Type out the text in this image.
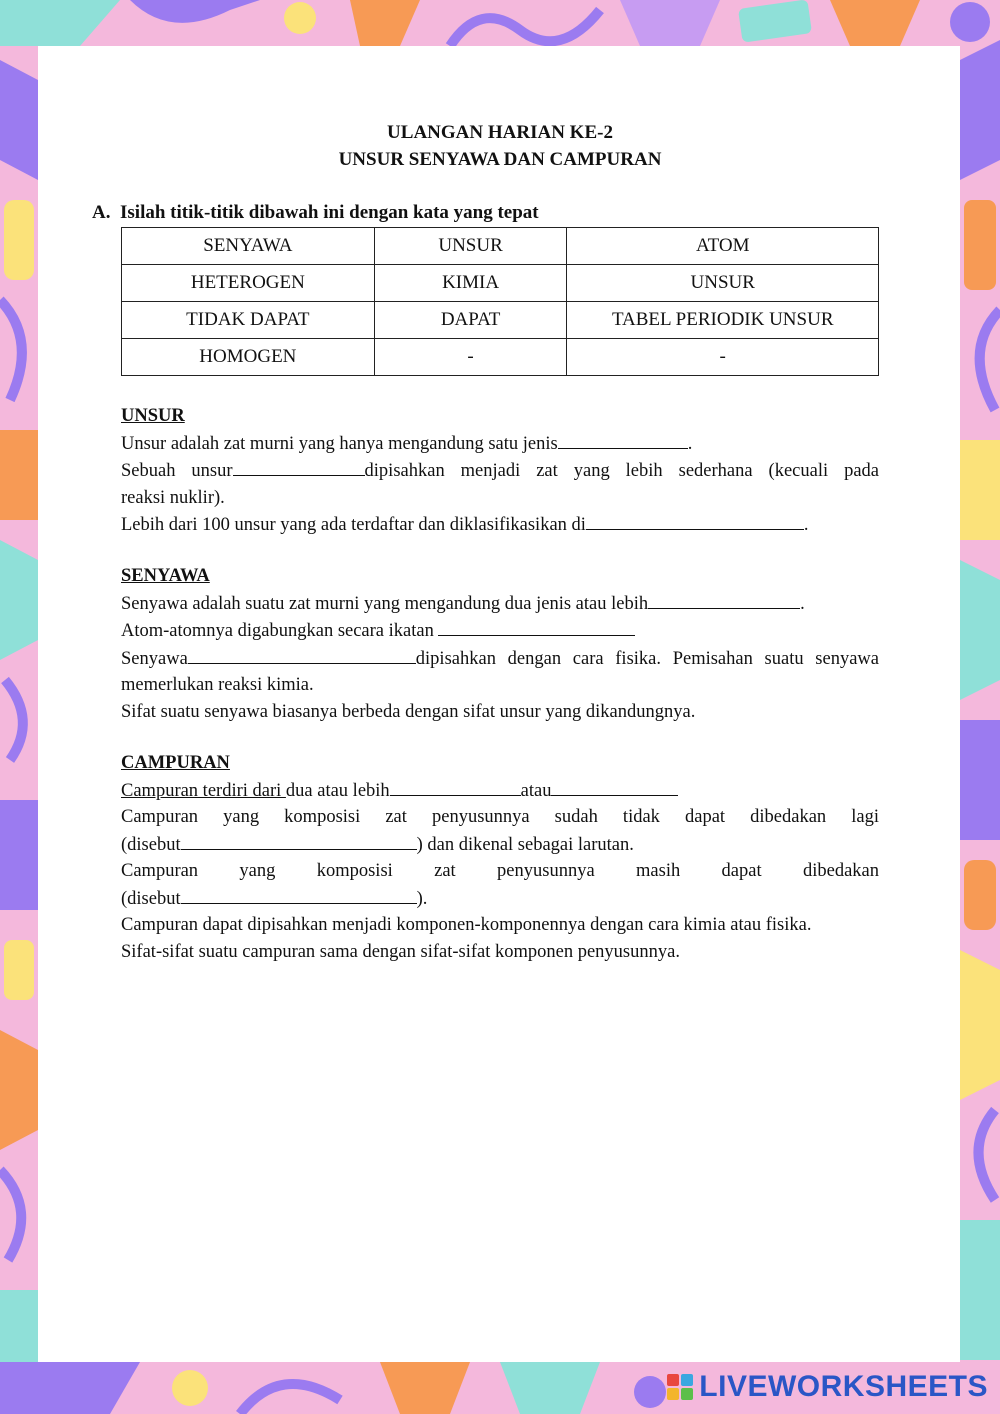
ULANGAN HARIAN KE-2
UNSUR SENYAWA DAN CAMPURAN
A. Isilah titik-titik dibawah ini dengan kata yang tepat
SENYAWA	UNSUR	ATOM
HETEROGEN	KIMIA	UNSUR
TIDAK DAPAT	DAPAT	TABEL PERIODIK UNSUR
HOMOGEN	-	-
UNSUR
Unsur adalah zat murni yang hanya mengandung satu jenis	.
Sebuah unsur	dipisahkan menjadi zat yang lebih sederhana (kecuali pada
reaksi nuklir).
Lebih dari 100 unsur yang ada terdaftar dan diklasifikasikan di	.
SENYAWA
Senyawa adalah suatu zat murni yang mengandung dua jenis atau lebih	.
Atom-atomnya digabungkan secara ikatan
Senyawa	dipisahkan dengan cara fisika. Pemisahan suatu senyawa
memerlukan reaksi kimia.
Sifat suatu senyawa biasanya berbeda dengan sifat unsur yang dikandungnya.
CAMPURAN
Campuran terdiri dari dua atau lebih	atau
Campuran yang komposisi zat penyusunnya sudah tidak dapat dibedakan lagi
(disebut	) dan dikenal sebagai larutan.
Campuran yang komposisi zat penyusunnya masih dapat dibedakan
(disebut	).
Campuran dapat dipisahkan menjadi komponen-komponennya dengan cara kimia atau fisika.
Sifat-sifat suatu campuran sama dengan sifat-sifat komponen penyusunnya.
LIVEWORKSHEETS
